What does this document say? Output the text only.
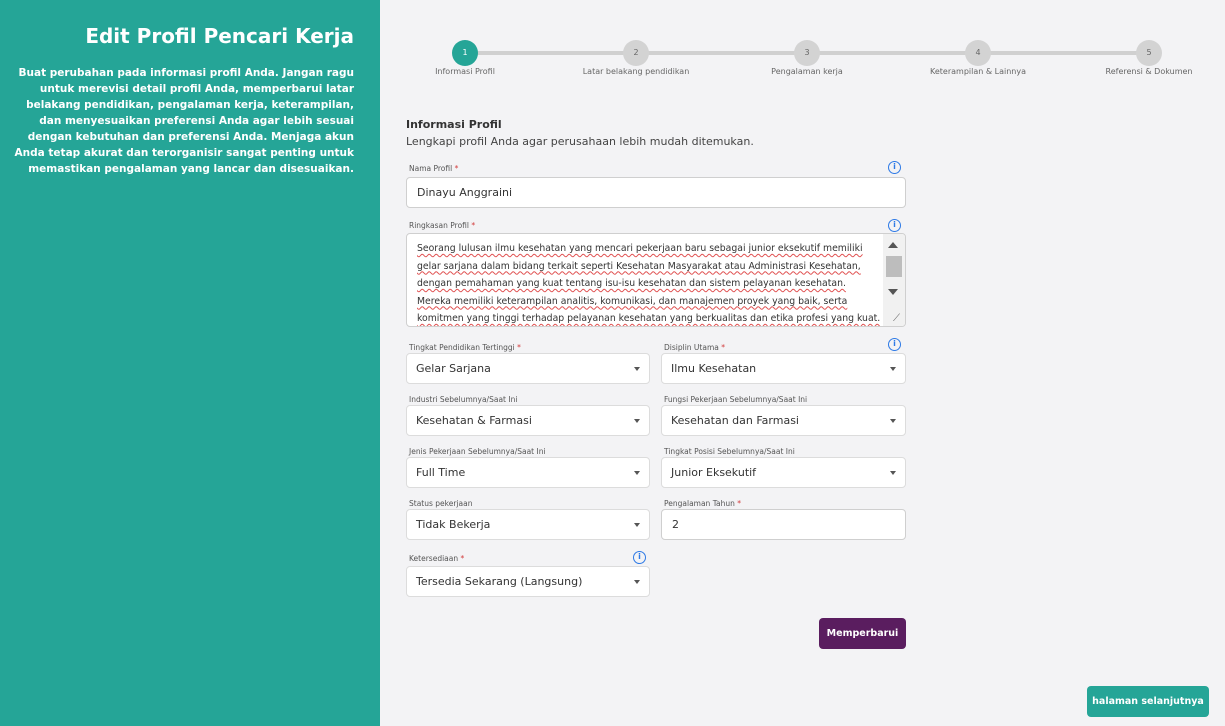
Edit Profil Pencari Kerja
Buat perubahan pada informasi profil Anda. Jangan ragu untuk merevisi detail profil Anda, memperbarui latar belakang pendidikan, pengalaman kerja, keterampilan, dan menyesuaikan preferensi Anda agar lebih sesuai dengan kebutuhan dan preferensi Anda. Menjaga akun Anda tetap akurat dan terorganisir sangat penting untuk memastikan pengalaman yang lancar dan disesuaikan.
1
Informasi Profil
2
Latar belakang pendidikan
3
Pengalaman kerja
4
Keterampilan & Lainnya
5
Referensi & Dokumen
Informasi Profil
Lengkapi profil Anda agar perusahaan lebih mudah ditemukan.
Nama Profil *	i
Dinayu Anggraini
Ringkasan Profil *	i
Seorang lulusan ilmu kesehatan yang mencari pekerjaan baru sebagai junior eksekutif memiliki gelar sarjana dalam bidang terkait seperti Kesehatan Masyarakat atau Administrasi Kesehatan, dengan pemahaman yang kuat tentang isu-isu kesehatan dan sistem pelayanan kesehatan. Mereka memiliki keterampilan analitis, komunikasi, dan manajemen proyek yang baik, serta komitmen yang tinggi terhadap pelayanan kesehatan yang berkualitas dan etika profesi yang kuat. ⟋
Tingkat Pendidikan Tertinggi *
Gelar Sarjana
Disiplin Utama *	i
Ilmu Kesehatan
Industri Sebelumnya/Saat Ini
Kesehatan & Farmasi
Fungsi Pekerjaan Sebelumnya/Saat Ini
Kesehatan dan Farmasi
Jenis Pekerjaan Sebelumnya/Saat Ini
Full Time
Tingkat Posisi Sebelumnya/Saat Ini
Junior Eksekutif
Status pekerjaan
Tidak Bekerja
Pengalaman Tahun *
2
Ketersediaan *	i
Tersedia Sekarang (Langsung)
Memperbarui
halaman selanjutnya
